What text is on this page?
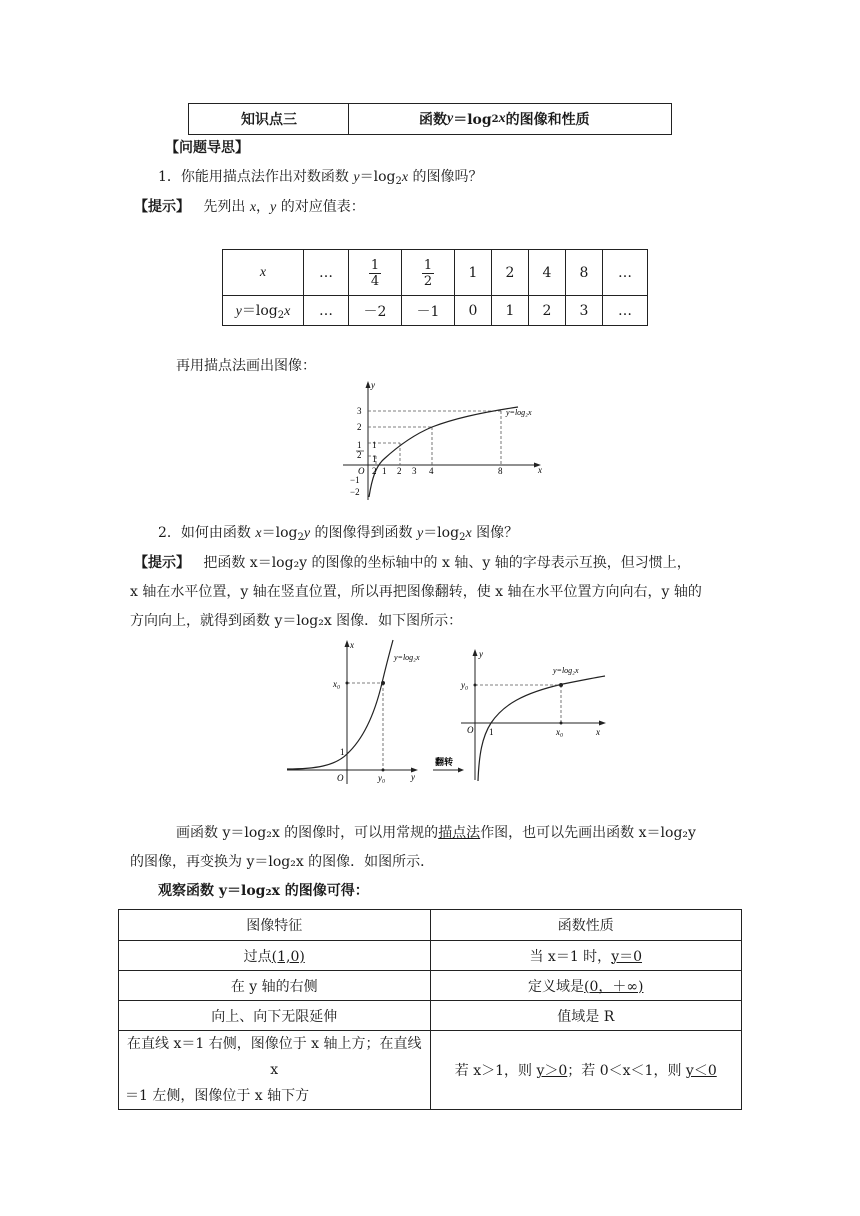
知识点三	函数 y ＝log 2 x 的图像和性质
【问题导思】
1．你能用描点法作出对数函数 $y=\log_2x$ 的图像吗？
【提示】 先列出 x，y 的对应值表：
x	…	$\frac{1}{4}$	$\frac{1}{2}$	1	2	4	8	…
$y=\log_2x$	…	－2	－1	0	1	2	3	…
再用描点法画出图像：
y
x
y=log₂x
3
2
1
2
1
−1
−2
O
1
2 1 2 3 4	8
2．如何由函数 $x=\log_2y$ 的图像得到函数 $y=\log_2x$ 图像？
【提示】 把函数 x＝log₂y 的图像的坐标轴中的 x 轴、y 轴的字母表示互换，但习惯上，
x 轴在水平位置，y 轴在竖直位置，所以再把图像翻转，使 x 轴在水平位置方向向右，y 轴的
方向向上，就得到函数 y＝log₂x 图像．如下图所示：
x
y
y=log₂x
x₀
1
O	y₀
y
x
y=log₂x
y₀
O 1	x₀
翻转
画函数 y＝log₂x 的图像时，可以用常规的描点法作图，也可以先画出函数 x＝log₂y
的图像，再变换为 y＝log₂x 的图像．如图所示．
观察函数 y＝log₂x 的图像可得：
图像特征	函数性质
过点(1,0)	当 x＝1 时，y＝0
在 y 轴的右侧	定义域是(0，＋∞)
向上、向下无限延伸	值域是 R

在直线 x＝1 右侧，图像位于 x 轴上方；在直线 x
＝1 左侧，图像位于 x 轴下方	若 x＞1，则 y＞0；若 0＜x＜1，则 y＜0
